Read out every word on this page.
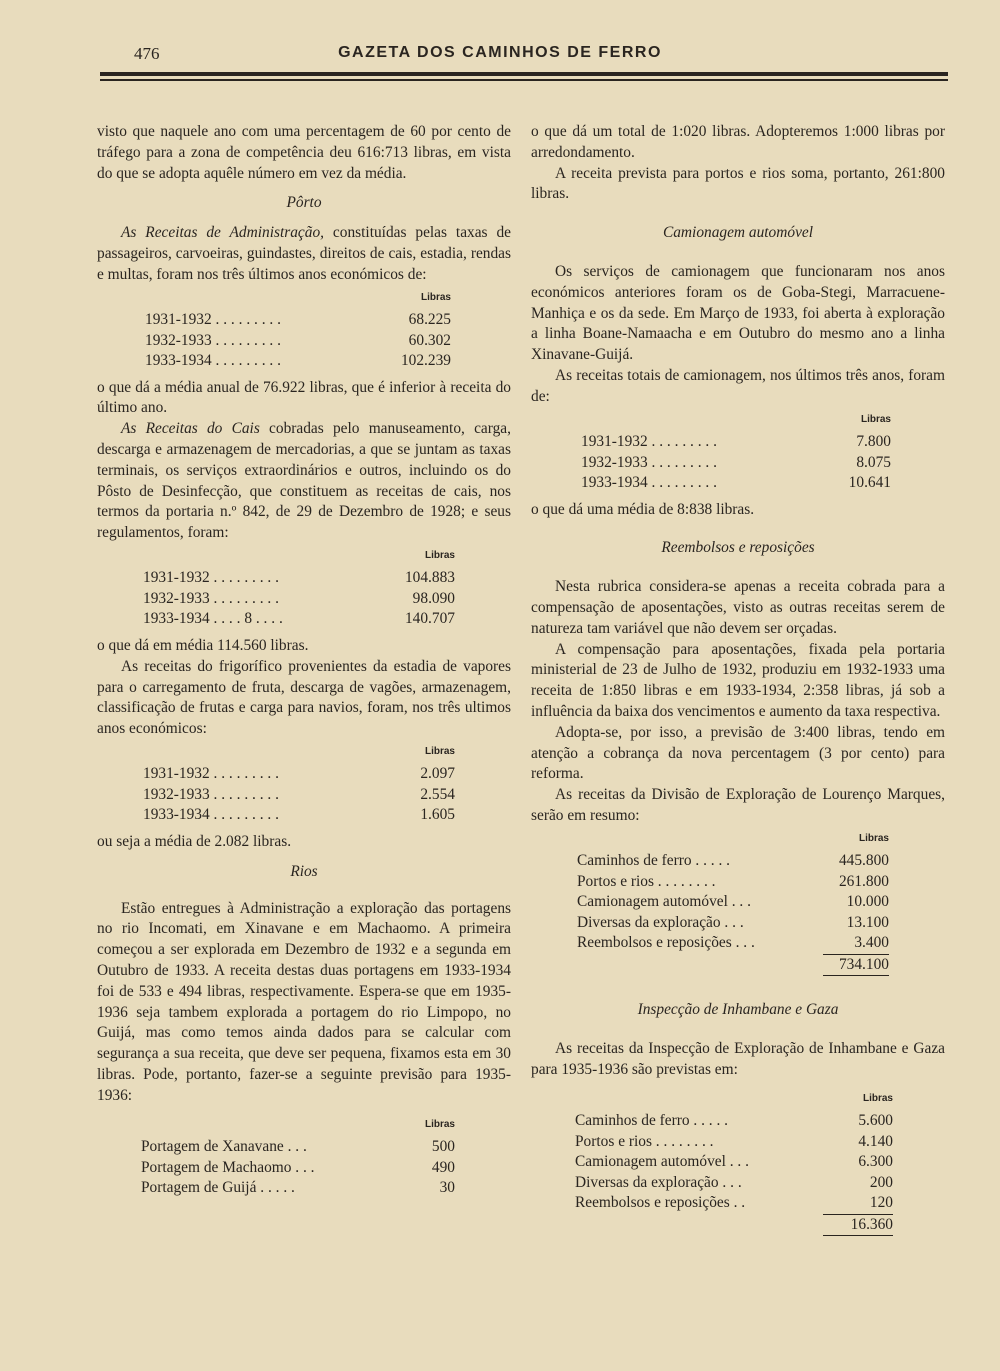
476	GAZETA DOS CAMINHOS DE FERRO

visto que naquele ano com uma percentagem de 60 por cento de tráfego para a zona de competência deu 616:713 libras, em vista do que se adopta aquêle número em vez da média.

Pôrto

As Receitas de Administração, constituídas pelas taxas de passageiros, carvoeiras, guindastes, direitos de cais, estadia, rendas e multas, foram nos três últimos anos económicos de:

	Libras
1931-1932 . . . . . . . . .	68.225
1932-1933 . . . . . . . . .	60.302
1933-1934 . . . . . . . . .	102.239

o que dá a média anual de 76.922 libras, que é inferior à receita do último ano.

As Receitas do Cais cobradas pelo manuseamento, carga, descarga e armazenagem de mercadorias, a que se juntam as taxas terminais, os serviços extraordinários e outros, incluindo os do Pôsto de Desinfecção, que constituem as receitas de cais, nos termos da portaria n.º 842, de 29 de Dezembro de 1928; e seus regulamentos, foram:

	Libras
1931-1932 . . . . . . . . .	104.883
1932-1933 . . . . . . . . .	98.090
1933-1934 . . . . 8 . . . .	140.707

o que dá em média 114.560 libras.

As receitas do frigorífico provenientes da estadia de vapores para o carregamento de fruta, descarga de vagões, armazenagem, classificação de frutas e carga para navios, foram, nos três ultimos anos económicos:

	Libras
1931-1932 . . . . . . . . .	2.097
1932-1933 . . . . . . . . .	2.554
1933-1934 . . . . . . . . .	1.605

ou seja a média de 2.082 libras.

Rios

Estão entregues à Administração a exploração das portagens no rio Incomati, em Xinavane e em Machaomo. A primeira começou a ser explorada em Dezembro de 1932 e a segunda em Outubro de 1933. A receita destas duas portagens em 1933-1934 foi de 533 e 494 libras, respectivamente. Espera-se que em 1935-1936 seja tambem explorada a portagem do rio Limpopo, no Guijá, mas como temos ainda dados para se calcular com segurança a sua receita, que deve ser pequena, fixamos esta em 30 libras. Pode, portanto, fazer-se a seguinte previsão para 1935-1936:

	Libras
Portagem de Xanavane . . .	500
Portagem de Machaomo . . .	490
Portagem de Guijá . . . . .	30

o que dá um total de 1:020 libras. Adopteremos 1:000 libras por arredondamento.

A receita prevista para portos e rios soma, portanto, 261:800 libras.

Camionagem automóvel

Os serviços de camionagem que funcionaram nos anos económicos anteriores foram os de Goba-Stegi, Marracuene-Manhiça e os da sede. Em Março de 1933, foi aberta à exploração a linha Boane-Namaacha e em Outubro do mesmo ano a linha Xinavane-Guijá.

As receitas totais de camionagem, nos últimos três anos, foram de:

	Libras
1931-1932 . . . . . . . . .	7.800
1932-1933 . . . . . . . . .	8.075
1933-1934 . . . . . . . . .	10.641

o que dá uma média de 8:838 libras.

Reembolsos e reposições

Nesta rubrica considera-se apenas a receita cobrada para a compensação de aposentações, visto as outras receitas serem de natureza tam variável que não devem ser orçadas.

A compensação para aposentações, fixada pela portaria ministerial de 23 de Julho de 1932, produziu em 1932-1933 uma receita de 1:850 libras e em 1933-1934, 2:358 libras, já sob a influência da baixa dos vencimentos e aumento da taxa respectiva.

Adopta-se, por isso, a previsão de 3:400 libras, tendo em atenção a cobrança da nova percentagem (3 por cento) para reforma.

As receitas da Divisão de Exploração de Lourenço Marques, serão em resumo:

	Libras
Caminhos de ferro . . . . .	445.800
Portos e rios . . . . . . . .	261.800
Camionagem automóvel . . .	10.000
Diversas da exploração . . .	13.100
Reembolsos e reposições . . .	3.400
	734.100
Inspecção de Inhambane e Gaza

As receitas da Inspecção de Exploração de Inhambane e Gaza para 1935-1936 são previstas em:

	Libras
Caminhos de ferro . . . . .	5.600
Portos e rios . . . . . . . .	4.140
Camionagem automóvel . . .	6.300
Diversas da exploração . . .	200
Reembolsos e reposições . .	120
	16.360
